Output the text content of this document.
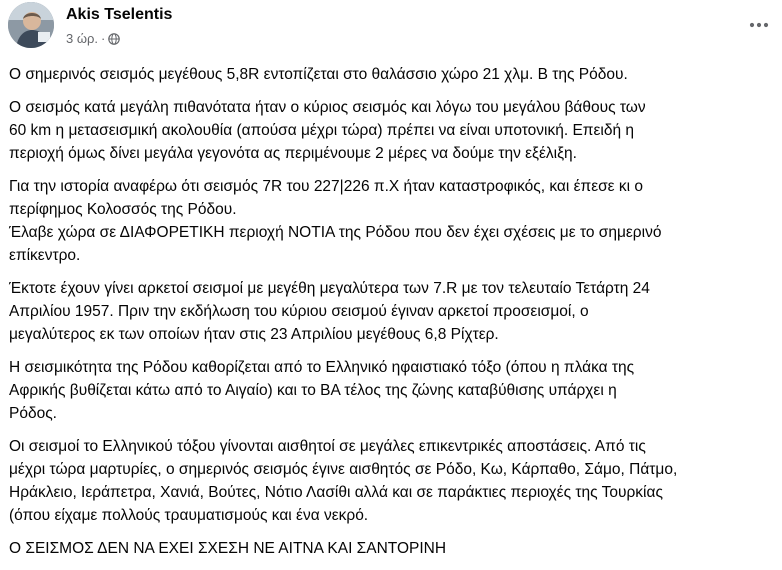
Akis Tselentis
3 ώρ. ·

Ο σημερινός σεισμός μεγέθους 5,8R εντοπίζεται στο θαλάσσιο χώρο 21 χλμ. Β της Ρόδου.

Ο σεισμός κατά μεγάλη πιθανότατα ήταν ο κύριος σεισμός και λόγω του μεγάλου βάθους των
60 km η μετασεισμική ακολουθία (απούσα μέχρι τώρα) πρέπει να είναι υποτονική. Επειδή η
περιοχή όμως δίνει μεγάλα γεγονότα ας περιμένουμε 2 μέρες να δούμε την εξέλιξη.

Για την ιστορία αναφέρω ότι σεισμός 7R του 227|226 π.Χ ήταν καταστροφικός, και έπεσε κι ο
περίφημος Κολοσσός της Ρόδου.

Έλαβε χώρα σε ΔΙΑΦΟΡΕΤΙΚΗ περιοχή ΝΟΤΙΑ της Ρόδου που δεν έχει σχέσεις με το σημερινό
επίκεντρο.

Έκτοτε έχουν γίνει αρκετοί σεισμοί με μεγέθη μεγαλύτερα των 7.R με τον τελευταίο Τετάρτη 24
Απριλίου 1957. Πριν την εκδήλωση του κύριου σεισμού έγιναν αρκετοί προσεισμοί, ο
μεγαλύτερος εκ των οποίων ήταν στις 23 Απριλίου μεγέθους 6,8 Ρίχτερ.

Η σεισμικότητα της Ρόδου καθορίζεται από το Ελληνικό ηφαιστιακό τόξο (όπου η πλάκα της
Αφρικής βυθίζεται κάτω από το Αιγαίο) και το ΒΑ τέλος της ζώνης καταβύθισης υπάρχει η
Ρόδος.

Οι σεισμοί το Ελληνικού τόξου γίνονται αισθητοί σε μεγάλες επικεντρικές αποστάσεις. Από τις
μέχρι τώρα μαρτυρίες, ο σημερινός σεισμός έγινε αισθητός σε Ρόδο, Κω, Κάρπαθο, Σάμο, Πάτμο,
Ηράκλειο, Ιεράπετρα, Χανιά, Βούτες, Νότιο Λασίθι αλλά και σε παράκτιες περιοχές της Τουρκίας
(όπου είχαμε πολλούς τραυματισμούς και ένα νεκρό.

Ο ΣΕΙΣΜΟΣ ΔΕΝ ΝΑ ΕΧΕΙ ΣΧΕΣΗ ΝΕ ΑΙΤΝΑ ΚΑΙ ΣΑΝΤΟΡΙΝΗ
